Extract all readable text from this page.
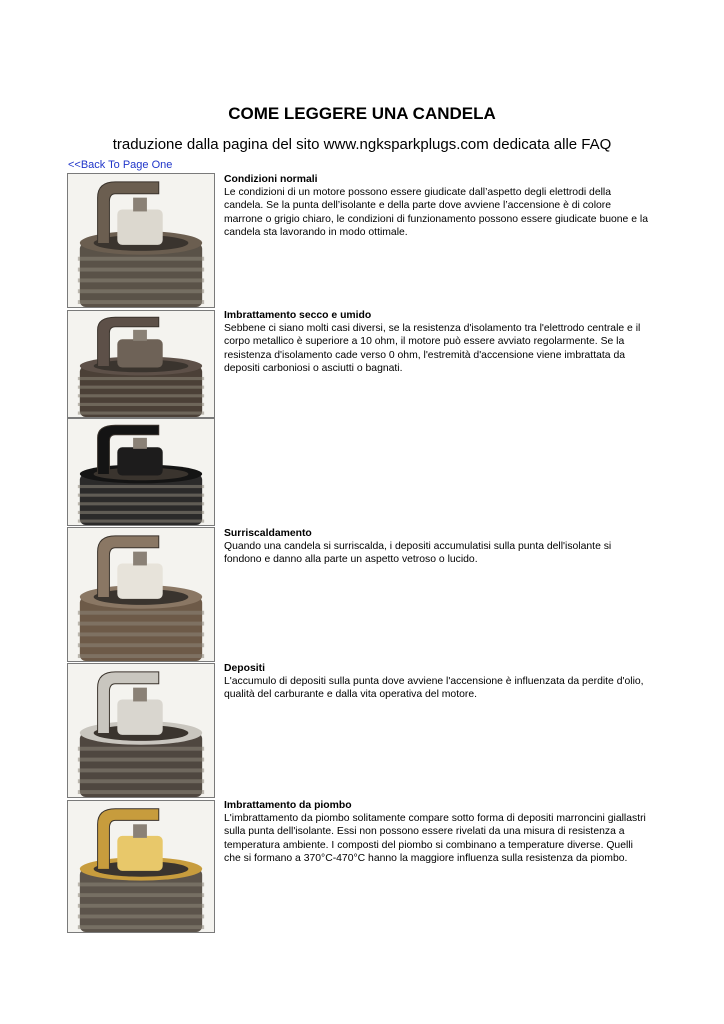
COME LEGGERE UNA CANDELA
traduzione dalla pagina del sito www.ngksparkplugs.com dedicata alle FAQ
<<Back To Page One
Condizioni normali
Le condizioni di un motore possono essere giudicate dall’aspetto degli elettrodi della candela. Se la punta dell’isolante e della parte dove avviene l’accensione è di colore marrone o grigio chiaro, le condizioni di funzionamento possono essere giudicate buone e la candela sta lavorando in modo ottimale.
Imbrattamento secco e umido
Sebbene ci siano molti casi diversi, se la resistenza d'isolamento tra l'elettrodo centrale e il corpo metallico è superiore a 10 ohm, il motore può essere avviato regolarmente. Se la resistenza d'isolamento cade verso 0 ohm, l'estremità d'accensione viene imbrattata da depositi carboniosi o asciutti o bagnati.
Surriscaldamento
Quando una candela si surriscalda, i depositi accumulatisi sulla punta dell'isolante si fondono e danno alla parte un aspetto vetroso o lucido.
Depositi
L'accumulo di depositi sulla punta dove avviene l'accensione è influenzata da perdite d'olio, qualità del carburante e dalla vita operativa del motore.
Imbrattamento da piombo
L'imbrattamento da piombo solitamente compare sotto forma di depositi marroncini giallastri sulla punta dell'isolante. Essi non possono essere rivelati da una misura di resistenza a temperatura ambiente. I composti del piombo si combinano a temperature diverse. Quelli che si formano a 370°C-470°C hanno la maggiore influenza sulla resistenza da piombo.
